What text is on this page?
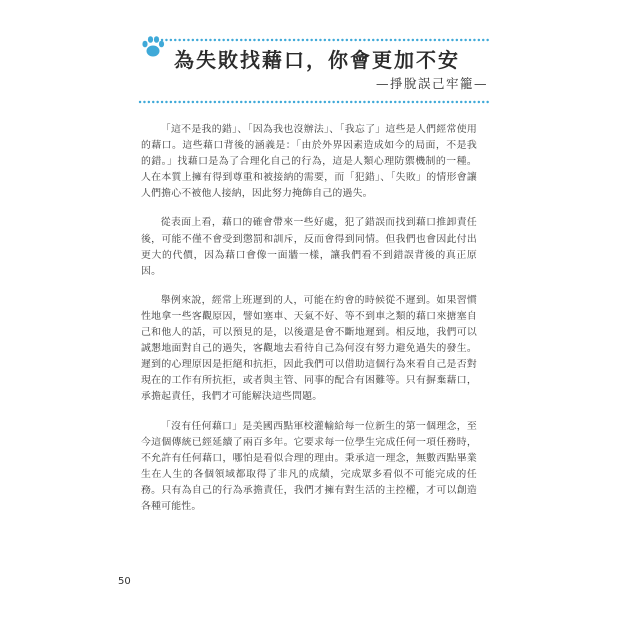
為失敗找藉口，你會更加不安
—掙脫誤己牢籠—

「這不是我的錯」、「因為我也沒辦法」、「我忘了」這些是人們經常使用的藉口。這些藉口背後的涵義是：「由於外界因素造成如今的局面，不是我的錯。」找藉口是為了合理化自己的行為，這是人類心理防禦機制的一種。人在本質上擁有得到尊重和被接納的需要，而「犯錯」、「失敗」的情形會讓人們擔心不被他人接納，因此努力掩飾自己的過失。

從表面上看，藉口的確會帶來一些好處，犯了錯誤而找到藉口推卸責任後，可能不僅不會受到懲罰和訓斥，反而會得到同情。但我們也會因此付出更大的代價，因為藉口會像一面牆一樣，讓我們看不到錯誤背後的真正原因。

舉例來說，經常上班遲到的人，可能在約會的時候從不遲到。如果習慣性地拿一些客觀原因，譬如塞車、天氣不好、等不到車之類的藉口來搪塞自己和他人的話，可以預見的是，以後還是會不斷地遲到。相反地，我們可以誠懇地面對自己的過失，客觀地去看待自己為何沒有努力避免過失的發生。遲到的心理原因是拒絕和抗拒，因此我們可以借助這個行為來看自己是否對現在的工作有所抗拒，或者與主管、同事的配合有困難等。只有摒棄藉口，承擔起責任，我們才可能解決這些問題。

「沒有任何藉口」是美國西點軍校灌輸給每一位新生的第一個理念，至今這個傳統已經延續了兩百多年。它要求每一位學生完成任何一項任務時，不允許有任何藉口，哪怕是看似合理的理由。秉承這一理念，無數西點畢業生在人生的各個領域都取得了非凡的成績，完成眾多看似不可能完成的任務。只有為自己的行為承擔責任，我們才擁有對生活的主控權，才可以創造各種可能性。

50
